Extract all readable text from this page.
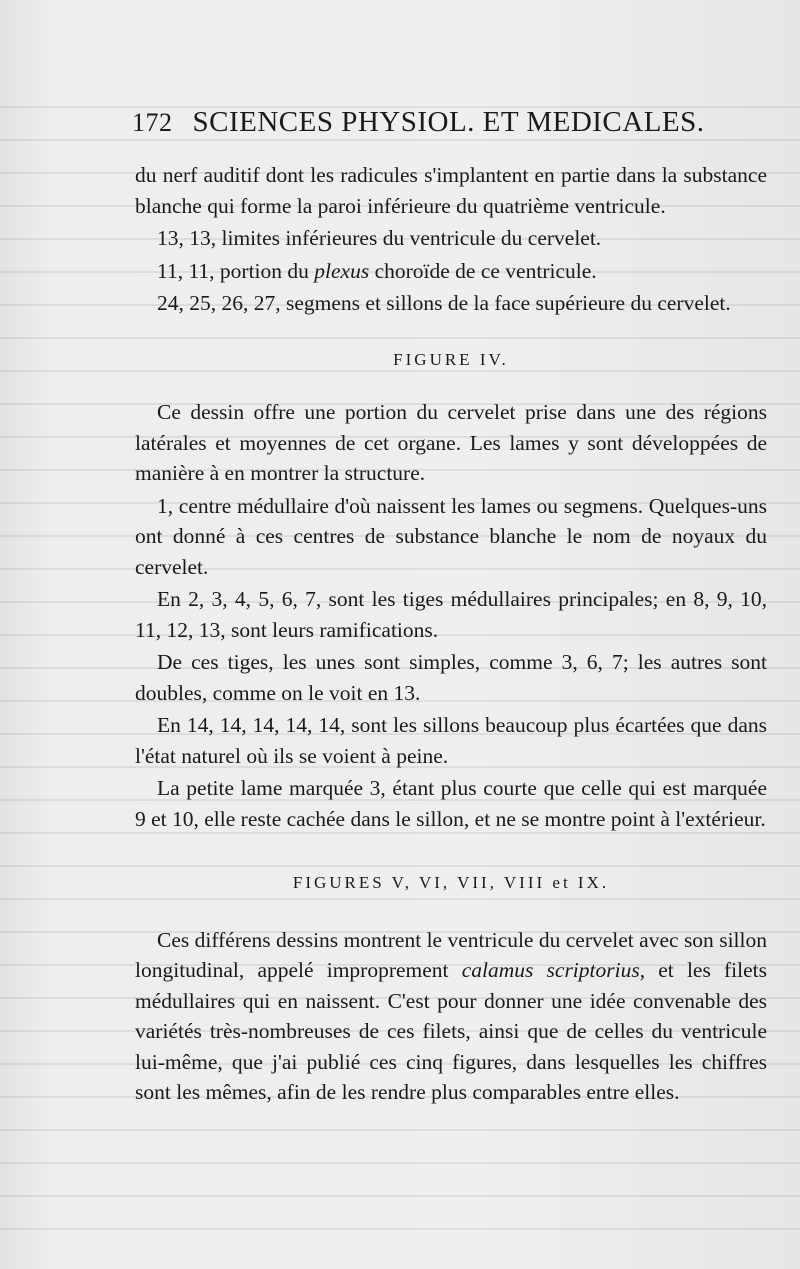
172 SCIENCES PHYSIOL. ET MEDICALES.

du nerf auditif dont les radicules s'implantent en partie dans la substance blanche qui forme la paroi inférieure du quatrième ventricule.

13, 13, limites inférieures du ventricule du cervelet.

11, 11, portion du plexus choroïde de ce ventricule.

24, 25, 26, 27, segmens et sillons de la face supérieure du cervelet.

FIGURE IV.

Ce dessin offre une portion du cervelet prise dans une des régions latérales et moyennes de cet organe. Les lames y sont développées de manière à en montrer la structure.

1, centre médullaire d'où naissent les lames ou segmens. Quelques-uns ont donné à ces centres de substance blanche le nom de noyaux du cervelet.

En 2, 3, 4, 5, 6, 7, sont les tiges médullaires principales; en 8, 9, 10, 11, 12, 13, sont leurs ramifications.

De ces tiges, les unes sont simples, comme 3, 6, 7; les autres sont doubles, comme on le voit en 13.

En 14, 14, 14, 14, 14, sont les sillons beaucoup plus écartées que dans l'état naturel où ils se voient à peine.

La petite lame marquée 3, étant plus courte que celle qui est marquée 9 et 10, elle reste cachée dans le sillon, et ne se montre point à l'extérieur.

FIGURES V, VI, VII, VIII et IX.

Ces différens dessins montrent le ventricule du cervelet avec son sillon longitudinal, appelé improprement calamus scriptorius, et les filets médullaires qui en naissent. C'est pour donner une idée convenable des variétés très-nombreuses de ces filets, ainsi que de celles du ventricule lui-même, que j'ai publié ces cinq figures, dans lesquelles les chiffres sont les mêmes, afin de les rendre plus comparables entre elles.
